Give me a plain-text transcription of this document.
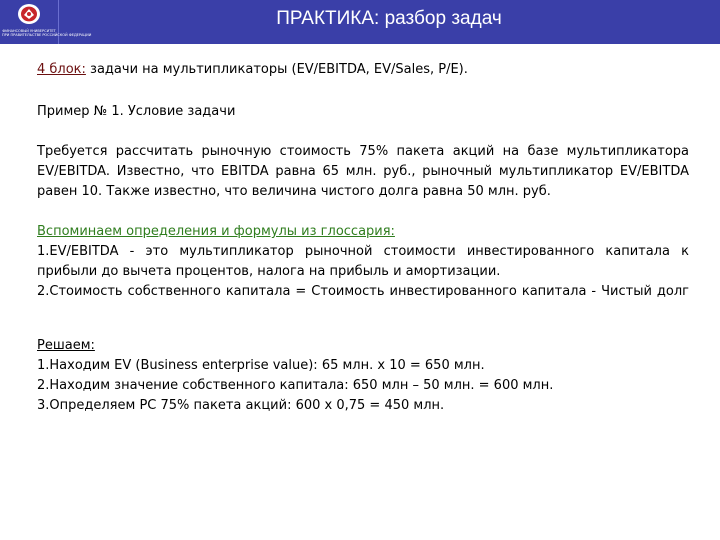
ФИНАНСОВЫЙ УНИВЕРСИТЕТ
ПРИ ПРАВИТЕЛЬСТВЕ РОССИЙСКОЙ ФЕДЕРАЦИИ
ПРАКТИКА: разбор задач

4 блок: задачи на мультипликаторы (EV/EBITDA, EV/Sales, P/E).

Пример № 1. Условие задачи

Требуется рассчитать рыночную стоимость 75% пакета акций на базе мультипликатора EV/EBITDA. Известно, что EBITDA равна 65 млн. руб., рыночный мультипликатор EV/EBITDA равен 10. Также известно, что величина чистого долга равна 50 млн. руб.

Вспоминаем определения и формулы из глоссария:
1.EV/EBITDA - это мультипликатор рыночной стоимости инвестированного капитала к прибыли до вычета процентов, налога на прибыль и амортизации.
2.Стоимость собственного капитала = Стоимость инвестированного капитала - Чистый долг
Решаем:
1.Находим EV (Business enterprise value): 65 млн. х 10 = 650 млн.
2.Находим значение собственного капитала: 650 млн – 50 млн. = 600 млн.
3.Определяем РС 75% пакета акций: 600 х 0,75 = 450 млн.
